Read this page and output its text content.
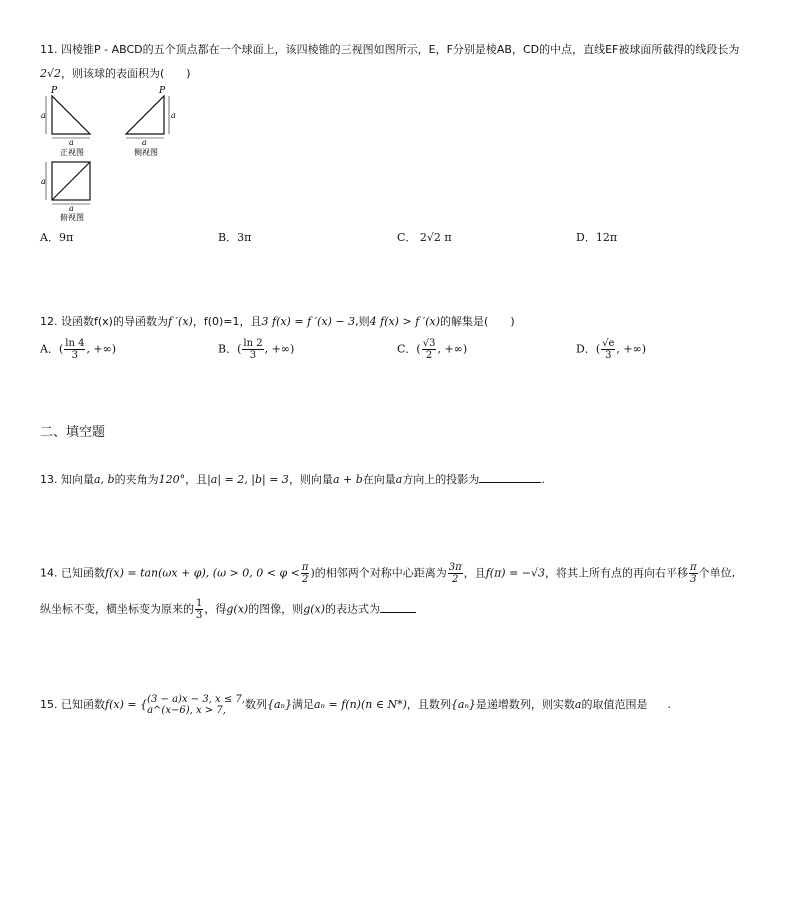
11. 四棱锥P - ABCD的五个顶点都在一个球面上，该四棱锥的三视图如图所示，E，F分别是棱AB，CD的中点，直线EF被球面所截得的线段长为
2√2，则该球的表面积为(　　)
P
a
a
正视图
P
a
a
侧视图
a
a
俯视图
A．9π	B．3π	C． 2√2 π	D．12π
12. 设函数f(x)的导函数为f ′(x)，f(0)=1，且3 f(x) = f ′(x) − 3,则4 f(x) > f ′(x)的解集是(　　)
A．( $\frac{\ln 4}{3}$ , +∞)	B．( $\frac{\ln 2}{3}$ , +∞)	C．( $\frac{√3}{2}$ , +∞)	D．( $\frac{√e}{3}$ , +∞)
二、填空题
13. 知向量a, b的夹角为120°，且|a| = 2, |b| = 3，则向量a + b在向量a方向上的投影为	.
14. 已知函数f(x) = tan(ωx + φ), (ω > 0, $0 < \varphi < \frac{\pi}{2}$ )的相邻两个对称中心距离为 $\frac{3\pi}{2}$ ，且f(π) = −√3，将其上所有点的再向右平移 $\frac{\pi}{3}$ 个单位,
纵坐标不变，横坐标变为原来的 $\frac{1}{3}$ ，得g(x)的图像，则g(x)的表达式为
15. 已知函数f(x) = { (3 − a)x − 3, x ≤ 7,
a^(x−6), x > 7,	数列{aₙ}满足aₙ = f(n)(n ∈ N*)，且数列{aₙ}是递增数列，则实数a的取值范围是 .
